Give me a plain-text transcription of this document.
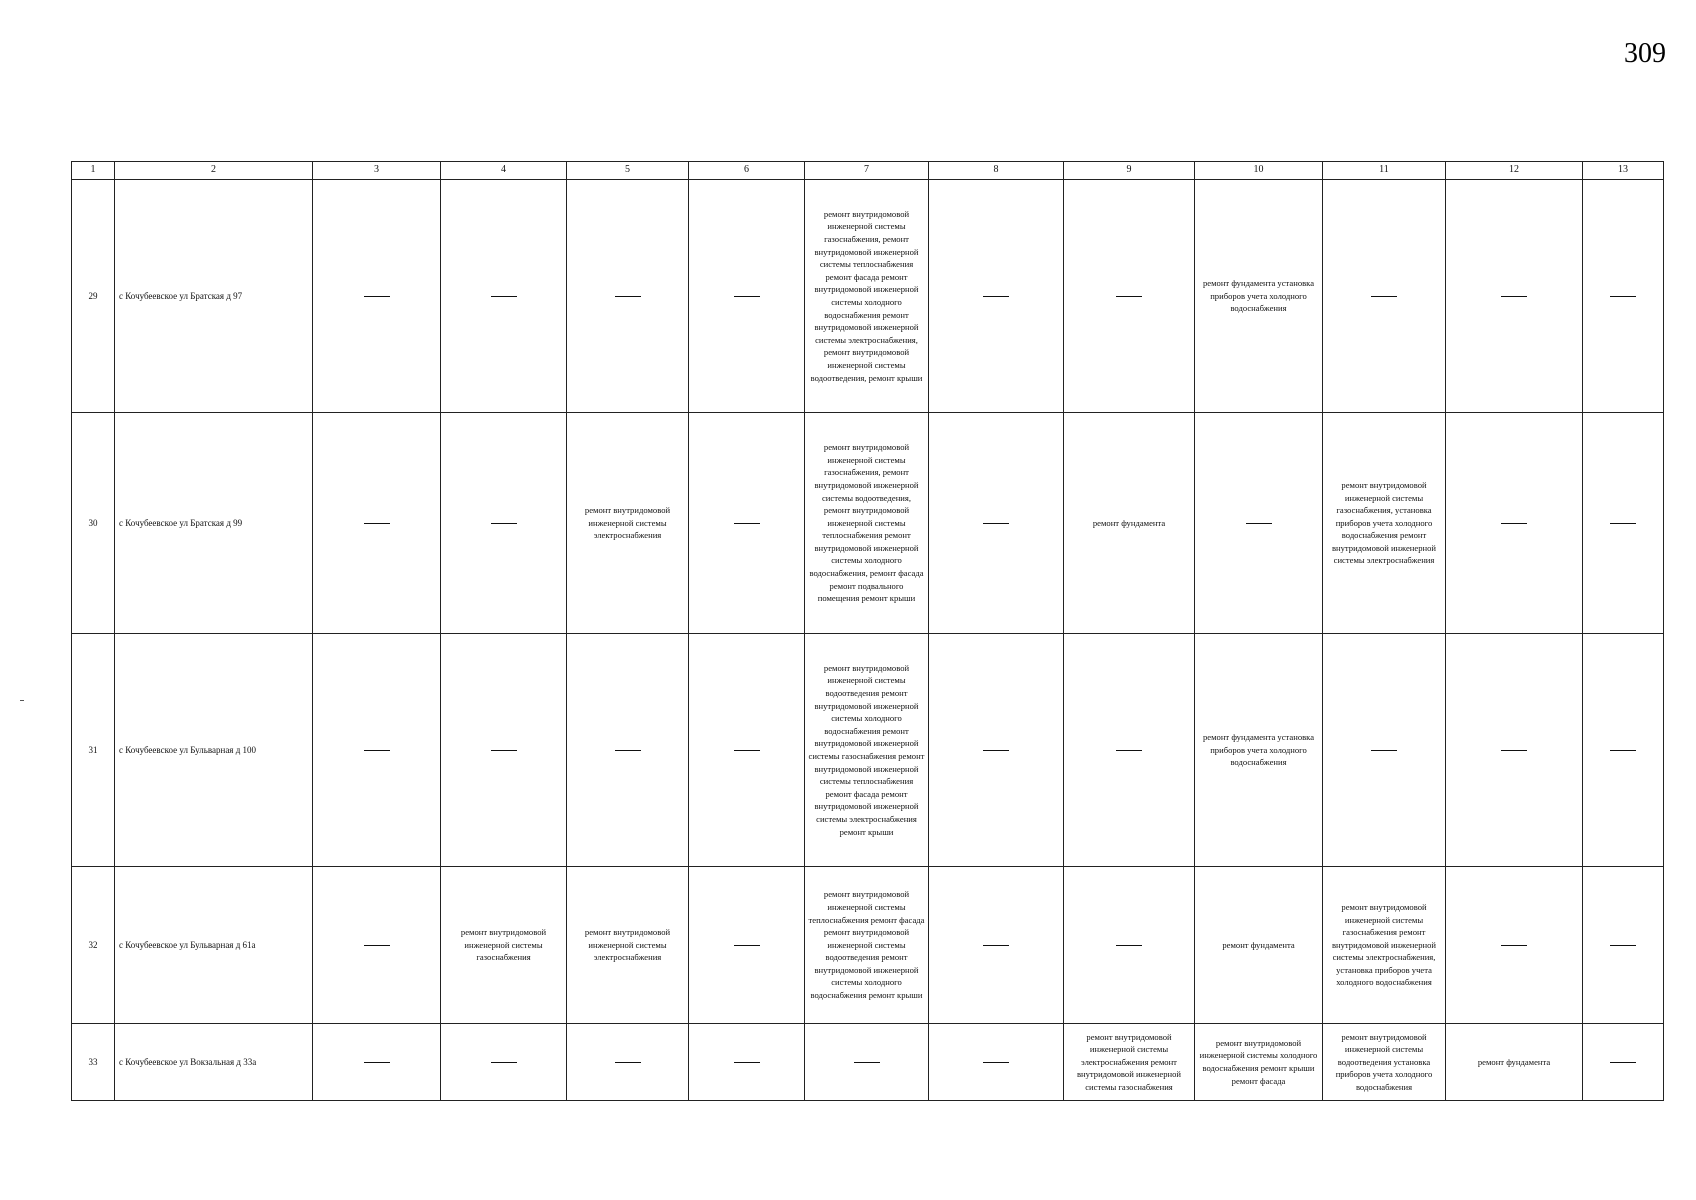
309
1	2	3	4	5	6	7	8	9	10	11	12	13
29	с Кочубеевское ул Братская д 97					ремонт внутридомовой инженерной системы газоснабжения, ремонт внутридомовой инженерной системы теплоснабжения ремонт фасада ремонт внутридомовой инженерной системы холодного водоснабжения ремонт внутридомовой инженерной системы электроснабжения, ремонт внутридомовой инженерной системы водоотведения, ремонт крыши			ремонт фундамента установка приборов учета холодного водоснабжения			
30	с Кочубеевское ул Братская д 99			ремонт внутридомовой инженерной системы электроснабжения		ремонт внутридомовой инженерной системы газоснабжения, ремонт внутридомовой инженерной системы водоотведения, ремонт внутридомовой инженерной системы теплоснабжения ремонт внутридомовой инженерной системы холодного водоснабжения, ремонт фасада ремонт подвального помещения ремонт крыши		ремонт фундамента		ремонт внутридомовой инженерной системы газоснабжения, установка приборов учета холодного водоснабжения ремонт внутридомовой инженерной системы электроснабжения		
31	с Кочубеевское ул Бульварная д 100					ремонт внутридомовой инженерной системы водоотведения ремонт внутридомовой инженерной системы холодного водоснабжения ремонт внутридомовой инженерной системы газоснабжения ремонт внутридомовой инженерной системы теплоснабжения ремонт фасада ремонт внутридомовой инженерной системы электроснабжения ремонт крыши			ремонт фундамента установка приборов учета холодного водоснабжения			
32	с Кочубеевское ул Бульварная д 61а		ремонт внутридомовой инженерной системы газоснабжения	ремонт внутридомовой инженерной системы электроснабжения		ремонт внутридомовой инженерной системы теплоснабжения ремонт фасада ремонт внутридомовой инженерной системы водоотведения ремонт внутридомовой инженерной системы холодного водоснабжения ремонт крыши			ремонт фундамента	ремонт внутридомовой инженерной системы газоснабжения ремонт внутридомовой инженерной системы электроснабжения, установка приборов учета холодного водоснабжения		
33	с Кочубеевское ул Вокзальная д 33а							ремонт внутридомовой инженерной системы электроснабжения ремонт внутридомовой инженерной системы газоснабжения	ремонт внутридомовой инженерной системы холодного водоснабжения ремонт крыши ремонт фасада	ремонт внутридомовой инженерной системы водоотведения установка приборов учета холодного водоснабжения	ремонт фундамента	
